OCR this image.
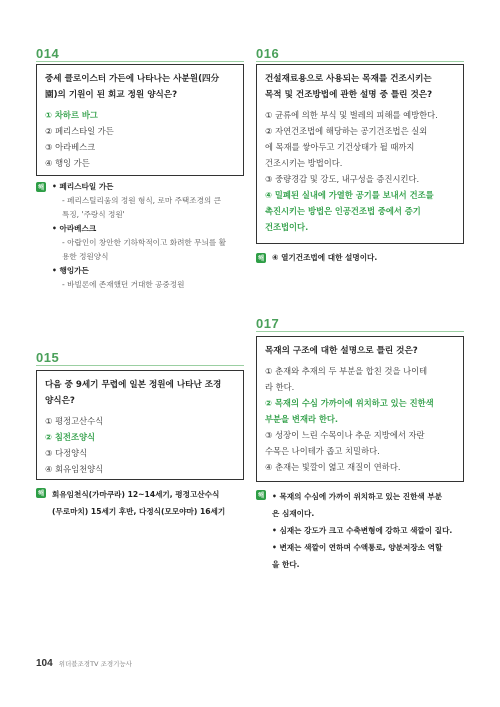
014
중세 클로이스터 가든에 나타나는 사분원(四分
園)의 기원이 된 회교 정원 양식은?
① 차하르 바그
② 페리스타일 가든
③ 아라베스크
④ 행잉 가든
해 • 페리스타일 가든
- 페리스틸리움의 정원 형식, 로마 주택조경의 큰
특징, '주랑식 정원'
• 아라베스크
- 아랍인이 창안한 기하학적이고 화려한 무늬를 활
용한 정원양식
• 행잉가든
- 바빌론에 존재했던 거대한 공중정원
015
다음 중 9세기 무렵에 일본 정원에 나타난 조경
양식은?
① 평정고산수식
② 침전조양식
③ 다정양식
④ 회유임천양식
해 회유임천식(가마쿠라) 12~14세기, 평정고산수식
(무로마치) 15세기 후반, 다정식(모모야마) 16세기
016
건설재료용으로 사용되는 목재를 건조시키는
목적 및 건조방법에 관한 설명 중 틀린 것은?
① 균류에 의한 부식 및 벌레의 피해를 예방한다.
② 자연건조법에 해당하는 공기건조법은 실외
에 목재를 쌓아두고 기건상태가 될 때까지
건조시키는 방법이다.
③ 중량경감 및 강도, 내구성을 증진시킨다.
④ 밀폐된 실내에 가열한 공기를 보내서 건조를
촉진시키는 방법은 인공건조법 중에서 증기
건조법이다.
해 ④ 열기건조법에 대한 설명이다.
017
목재의 구조에 대한 설명으로 틀린 것은?
① 춘재와 추재의 두 부분을 합친 것을 나이테
라 한다.
② 목재의 수심 가까이에 위치하고 있는 진한색
부분을 변재라 한다.
③ 성장이 느린 수목이나 추운 지방에서 자란
수목은 나이테가 좁고 치밀하다.
④ 춘재는 빛깔이 엷고 재질이 연하다.
해 • 목재의 수심에 가까이 위치하고 있는 진한색 부분
은 심재이다.
• 심재는 강도가 크고 수축변형에 강하고 색깔이 짙다.
• 변재는 색깔이 연하며 수액통로, 양분저장소 역할
을 한다.
104 위더블조경TV 조경기능사
